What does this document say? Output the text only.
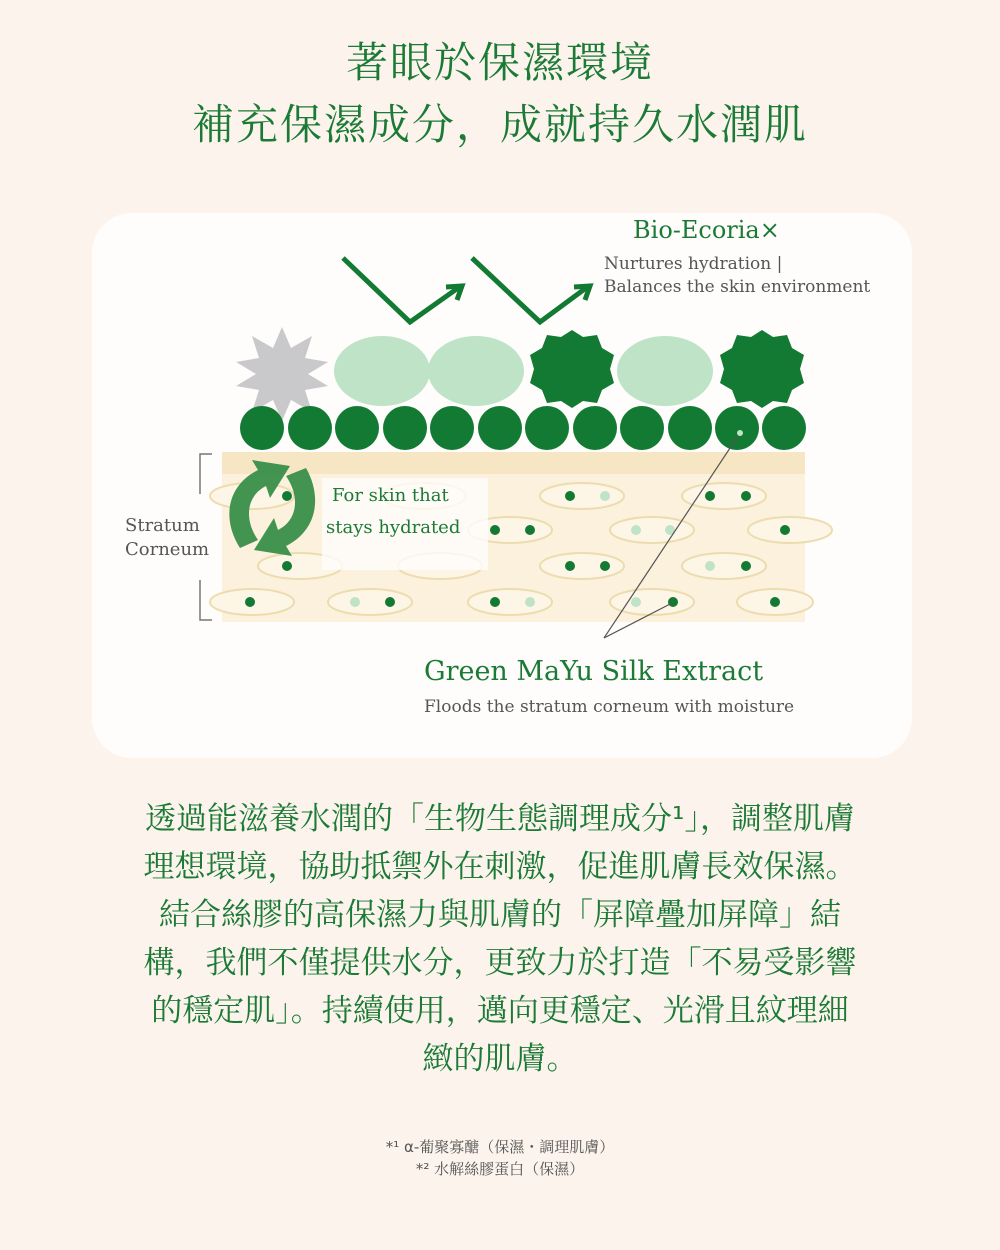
著眼於保濕環境
補充保濕成分，成就持久水潤肌
Bio-Ecoria×
Nurtures hydration |
Balances the skin environment
Stratum
Corneum
For skin that
stays hydrated
Green MaYu Silk Extract
Floods the stratum corneum with moisture
透過能滋養水潤的「生物生態調理成分¹」，調整肌膚
理想環境，協助抵禦外在刺激，促進肌膚長效保濕。
結合絲膠的高保濕力與肌膚的「屏障疊加屏障」結
構，我們不僅提供水分，更致力於打造「不易受影響
的穩定肌」。持續使用，邁向更穩定、光滑且紋理細
緻的肌膚。
*¹ α-葡聚寡醣（保濕・調理肌膚）
*² 水解絲膠蛋白（保濕）
